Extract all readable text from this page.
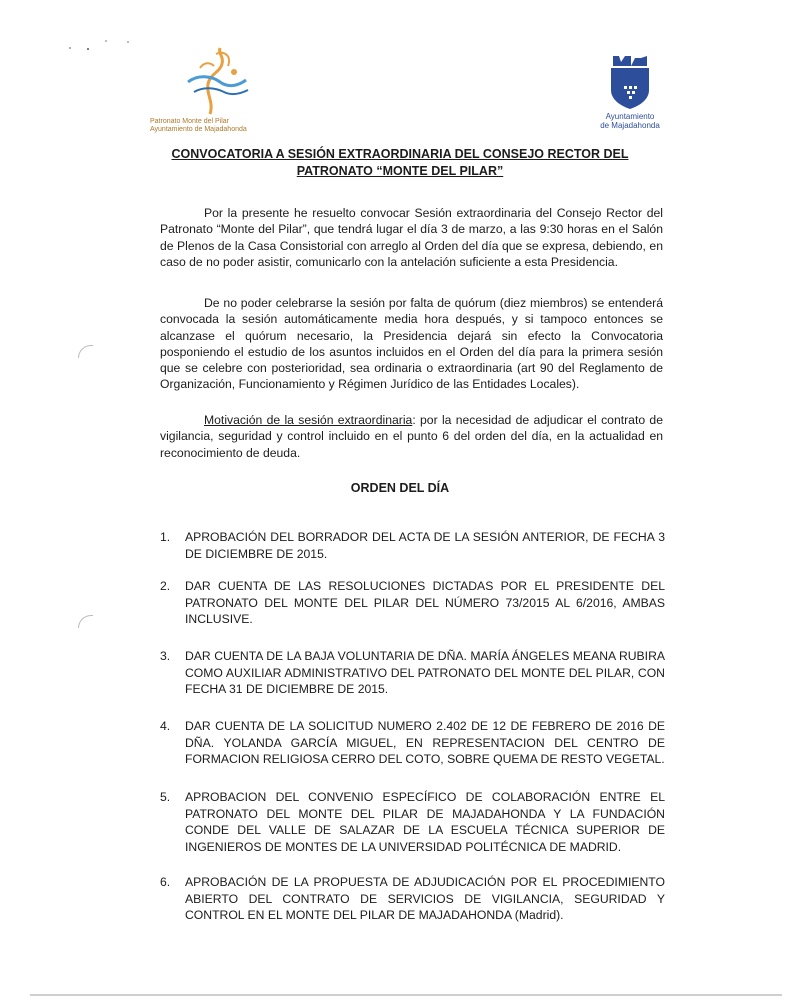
Patronato Monte del Pilar
Ayuntamiento de Majadahonda
Ayuntamiento
de Majadahonda
CONVOCATORIA A SESIÓN EXTRAORDINARIA DEL CONSEJO RECTOR DEL
PATRONATO “MONTE DEL PILAR”
Por la presente he resuelto convocar Sesión extraordinaria del Consejo Rector del Patronato “Monte del Pilar”, que tendrá lugar el día 3 de marzo, a las 9:30 horas en el Salón de Plenos de la Casa Consistorial con arreglo al Orden del día que se expresa, debiendo, en caso de no poder asistir, comunicarlo con la antelación suficiente a esta Presidencia.
De no poder celebrarse la sesión por falta de quórum (diez miembros) se entenderá convocada la sesión automáticamente media hora después, y si tampoco entonces se alcanzase el quórum necesario, la Presidencia dejará sin efecto la Convocatoria posponiendo el estudio de los asuntos incluidos en el Orden del día para la primera sesión que se celebre con posterioridad, sea ordinaria o extraordinaria (art 90 del Reglamento de Organización, Funcionamiento y Régimen Jurídico de las Entidades Locales).
Motivación de la sesión extraordinaria: por la necesidad de adjudicar el contrato de vigilancia, seguridad y control incluido en el punto 6 del orden del día, en la actualidad en reconocimiento de deuda.
ORDEN DEL DÍA
1.	APROBACIÓN DEL BORRADOR DEL ACTA DE LA SESIÓN ANTERIOR, DE FECHA 3 DE DICIEMBRE DE 2015.
2.	DAR CUENTA DE LAS RESOLUCIONES DICTADAS POR EL PRESIDENTE DEL PATRONATO DEL MONTE DEL PILAR DEL NÚMERO 73/2015 AL 6/2016, AMBAS INCLUSIVE.
3.	DAR CUENTA DE LA BAJA VOLUNTARIA DE DÑA. MARÍA ÁNGELES MEANA RUBIRA COMO AUXILIAR ADMINISTRATIVO DEL PATRONATO DEL MONTE DEL PILAR, CON FECHA 31 DE DICIEMBRE DE 2015.
4.	DAR CUENTA DE LA SOLICITUD NUMERO 2.402 DE 12 DE FEBRERO DE 2016 DE DÑA. YOLANDA GARCÍA MIGUEL, EN REPRESENTACION DEL CENTRO DE FORMACION RELIGIOSA CERRO DEL COTO, SOBRE QUEMA DE RESTO VEGETAL.
5.	APROBACION DEL CONVENIO ESPECÍFICO DE COLABORACIÓN ENTRE EL PATRONATO DEL MONTE DEL PILAR DE MAJADAHONDA Y LA FUNDACIÓN CONDE DEL VALLE DE SALAZAR DE LA ESCUELA TÉCNICA SUPERIOR DE INGENIEROS DE MONTES DE LA UNIVERSIDAD POLITÉCNICA DE MADRID.
6.	APROBACIÓN DE LA PROPUESTA DE ADJUDICACIÓN POR EL PROCEDIMIENTO ABIERTO DEL CONTRATO DE SERVICIOS DE VIGILANCIA, SEGURIDAD Y CONTROL EN EL MONTE DEL PILAR DE MAJADAHONDA (Madrid).
